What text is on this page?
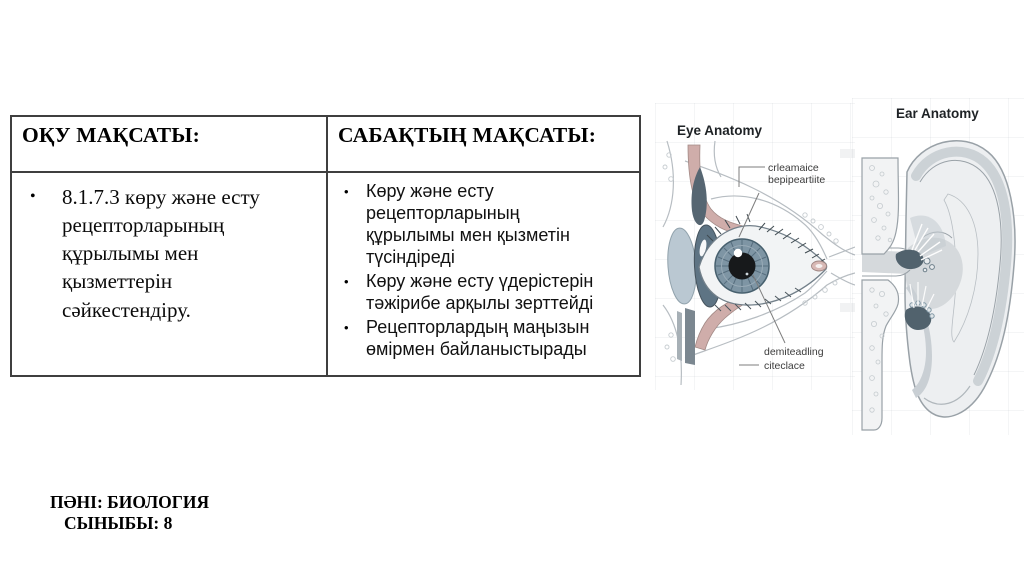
ОҚУ МАҚСАТЫ:	САБАҚТЫҢ МАҚСАТЫ:
•	8.1.7.3 көру және есту рецепторларының құрылымы мен қызметтерін сәйкестендіру.
• Көру және есту рецепторларының құрылымы мен қызметін түсіндіреді
• Көру және есту үдерістерін тәжірибе арқылы зерттейді
• Рецепторлардың маңызын өмірмен байланыстырады
ПӘНІ: БИОЛОГИЯ
СЫНЫБЫ: 8
Eye Anatomy
crleamaice
bepipeartiite
demiteadling
citeclace
Ear Anatomy
